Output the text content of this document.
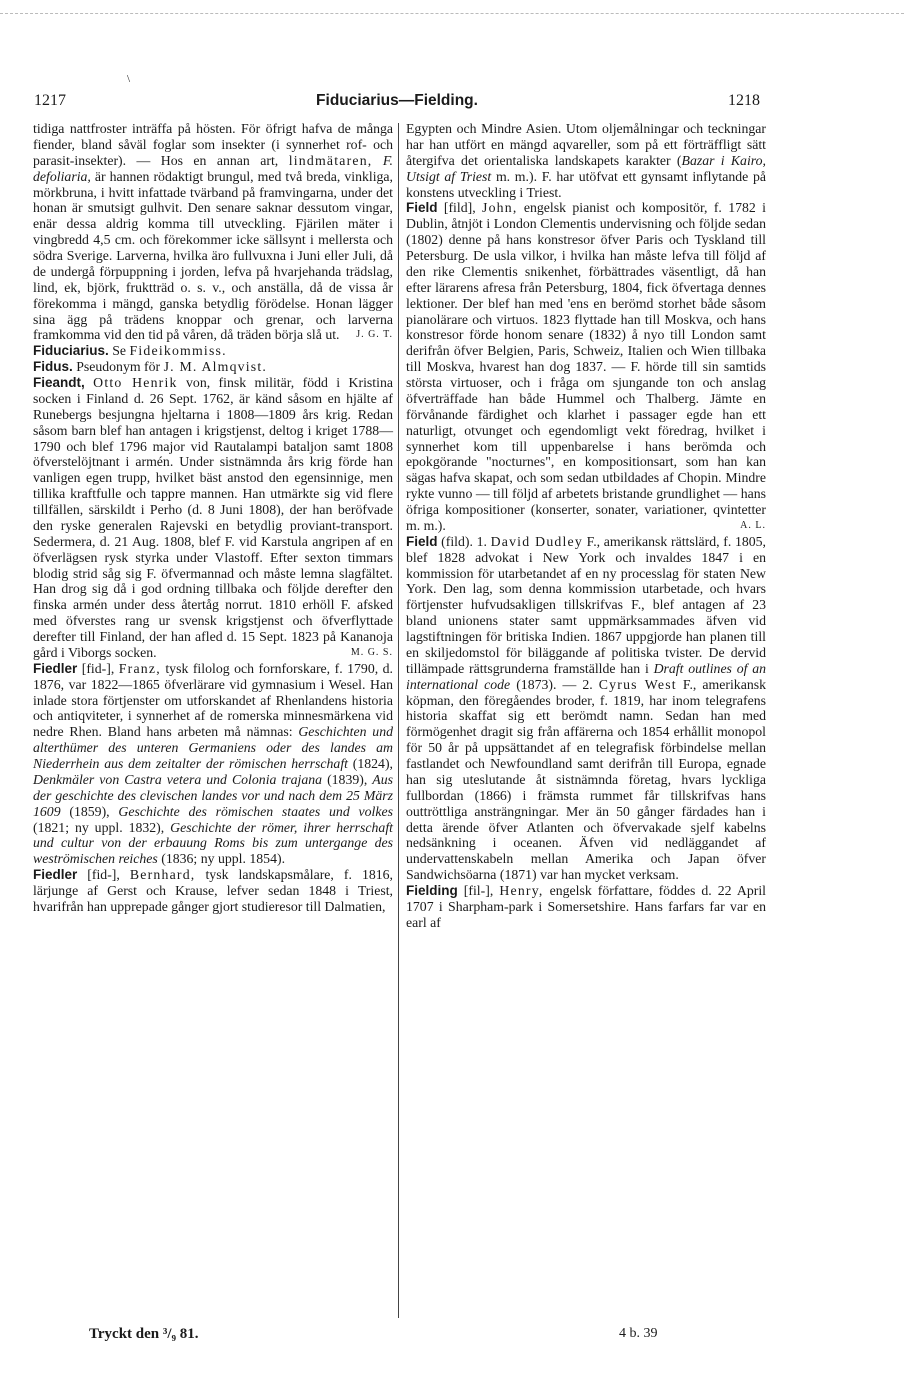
\
1217	Fiduciarius—Fielding.	1218

tidiga nattfroster inträffa på hösten. För öfrigt hafva de många fiender, bland såväl foglar som insekter (i synnerhet rof- och parasit-insekter). — Hos en annan art, lindmätaren, F. defoliaria, är hannen rödaktigt brungul, med två breda, vinkliga, mörkbruna, i hvitt infattade tvärband på framvingarna, under det honan är smutsigt gulhvit. Den senare saknar dessutom vingar, enär dessa aldrig komma till utveckling. Fjärilen mäter i vingbredd 4,5 cm. och förekommer icke sällsynt i mellersta och södra Sverige. Larverna, hvilka äro fullvuxna i Juni eller Juli, då de undergå förpuppning i jorden, lefva på hvarjehanda trädslag, lind, ek, björk, fruktträd o. s. v., och anställa, då de vissa år förekomma i mängd, ganska betydlig förödelse. Honan lägger sina ägg på trädens knoppar och grenar, och larverna framkomma vid den tid på våren, då träden börja slå ut. J. G. T.

Fiduciarius. Se Fideikommiss.

Fidus. Pseudonym för J. M. Almqvist.

Fieandt, Otto Henrik von, finsk militär, född i Kristina socken i Finland d. 26 Sept. 1762, är känd såsom en hjälte af Runebergs besjungna hjeltarna i 1808—1809 års krig. Redan såsom barn blef han antagen i krigstjenst, deltog i kriget 1788—1790 och blef 1796 major vid Rautalampi bataljon samt 1808 öfverstelöjtnant i armén. Under sistnämnda års krig förde han vanligen egen trupp, hvilket bäst anstod den egensinnige, men tillika kraftfulle och tappre mannen. Han utmärkte sig vid flere tillfällen, särskildt i Perho (d. 8 Juni 1808), der han beröfvade den ryske generalen Rajevski en betydlig proviant-transport. Sedermera, d. 21 Aug. 1808, blef F. vid Karstula angripen af en öfverlägsen rysk styrka under Vlastoff. Efter sexton timmars blodig strid såg sig F. öfvermannad och måste lemna slagfältet. Han drog sig då i god ordning tillbaka och följde derefter den finska armén under dess återtåg norrut. 1810 erhöll F. afsked med öfverstes rang ur svensk krigstjenst och öfverflyttade derefter till Finland, der han afled d. 15 Sept. 1823 på Kananoja gård i Viborgs socken.	M. G. S.

Fiedler [fid-], Franz, tysk filolog och fornforskare, f. 1790, d. 1876, var 1822—1865 öfverlärare vid gymnasium i Wesel. Han inlade stora förtjenster om utforskandet af Rhenlandens historia och antiqviteter, i synnerhet af de romerska minnesmärkena vid nedre Rhen. Bland hans arbeten må nämnas: Geschichten und alterthümer des unteren Germaniens oder des landes am Niederrhein aus dem zeitalter der römischen herrschaft (1824), Denkmäler von Castra vetera und Colonia trajana (1839), Aus der geschichte des clevischen landes vor und nach dem 25 März 1609 (1859), Geschichte des römischen staates und volkes (1821; ny uppl. 1832), Geschichte der römer, ihrer herrschaft und cultur von der erbauung Roms bis zum untergange des weströmischen reiches (1836; ny uppl. 1854).

Fiedler [fid-], Bernhard, tysk landskapsmålare, f. 1816, lärjunge af Gerst och Krause, lefver sedan 1848 i Triest, hvarifrån han upprepade gånger gjort studieresor till Dalmatien,

Egypten och Mindre Asien. Utom oljemålningar och teckningar har han utfört en mängd aqvareller, som på ett förträffligt sätt återgifva det orientaliska landskapets karakter (Bazar i Kairo, Utsigt af Triest m. m.). F. har utöfvat ett gynsamt inflytande på konstens utveckling i Triest.

Field [fild], John, engelsk pianist och kompositör, f. 1782 i Dublin, åtnjöt i London Clementis undervisning och följde sedan (1802) denne på hans konstresor öfver Paris och Tyskland till Petersburg. De usla vilkor, i hvilka han måste lefva till följd af den rike Clementis snikenhet, förbättrades väsentligt, då han efter lärarens afresa från Petersburg, 1804, fick öfvertaga dennes lektioner. Der blef han med 'ens en berömd storhet både såsom pianolärare och virtuos. 1823 flyttade han till Moskva, och hans konstresor förde honom senare (1832) å nyo till London samt derifrån öfver Belgien, Paris, Schweiz, Italien och Wien tillbaka till Moskva, hvarest han dog 1837. — F. hörde till sin samtids största virtuoser, och i fråga om sjungande ton och anslag öfverträffade han både Hummel och Thalberg. Jämte en förvånande färdighet och klarhet i passager egde han ett naturligt, otvunget och egendomligt vekt föredrag, hvilket i synnerhet kom till uppenbarelse i hans berömda och epokgörande "nocturnes", en kompositionsart, som han kan sägas hafva skapat, och som sedan utbildades af Chopin. Mindre rykte vunno — till följd af arbetets bristande grundlighet — hans öfriga kompositioner (konserter, sonater, variationer, qvintetter m. m.).	A. L.

Field (fild). 1. David Dudley F., amerikansk rättslärd, f. 1805, blef 1828 advokat i New York och invaldes 1847 i en kommission för utarbetandet af en ny processlag för staten New York. Den lag, som denna kommission utarbetade, och hvars förtjenster hufvudsakligen tillskrifvas F., blef antagen af 23 bland unionens stater samt uppmärksammades äfven vid lagstiftningen för britiska Indien. 1867 uppgjorde han planen till en skiljedomstol för biläggande af politiska tvister. De dervid tillämpade rättsgrunderna framställde han i Draft outlines of an international code (1873). — 2. Cyrus West F., amerikansk köpman, den föregåendes broder, f. 1819, har inom telegrafens historia skaffat sig ett berömdt namn. Sedan han med förmögenhet dragit sig från affärerna och 1854 erhållit monopol för 50 år på uppsättandet af en telegrafisk förbindelse mellan fastlandet och Newfoundland samt derifrån till Europa, egnade han sig uteslutande åt sistnämnda företag, hvars lyckliga fullbordan (1866) i främsta rummet får tillskrifvas hans outtröttliga ansträngningar. Mer än 50 gånger färdades han i detta ärende öfver Atlanten och öfvervakade sjelf kabelns nedsänkning i oceanen. Äfven vid nedläggandet af undervattenskabeln mellan Amerika och Japan öfver Sandwichsöarna (1871) var han mycket verksam.

Fielding [fil-], Henry, engelsk författare, föddes d. 22 April 1707 i Sharpham-park i Somersetshire. Hans farfars far var en earl af

Tryckt den ³/₉ 81.	4 b. 39
